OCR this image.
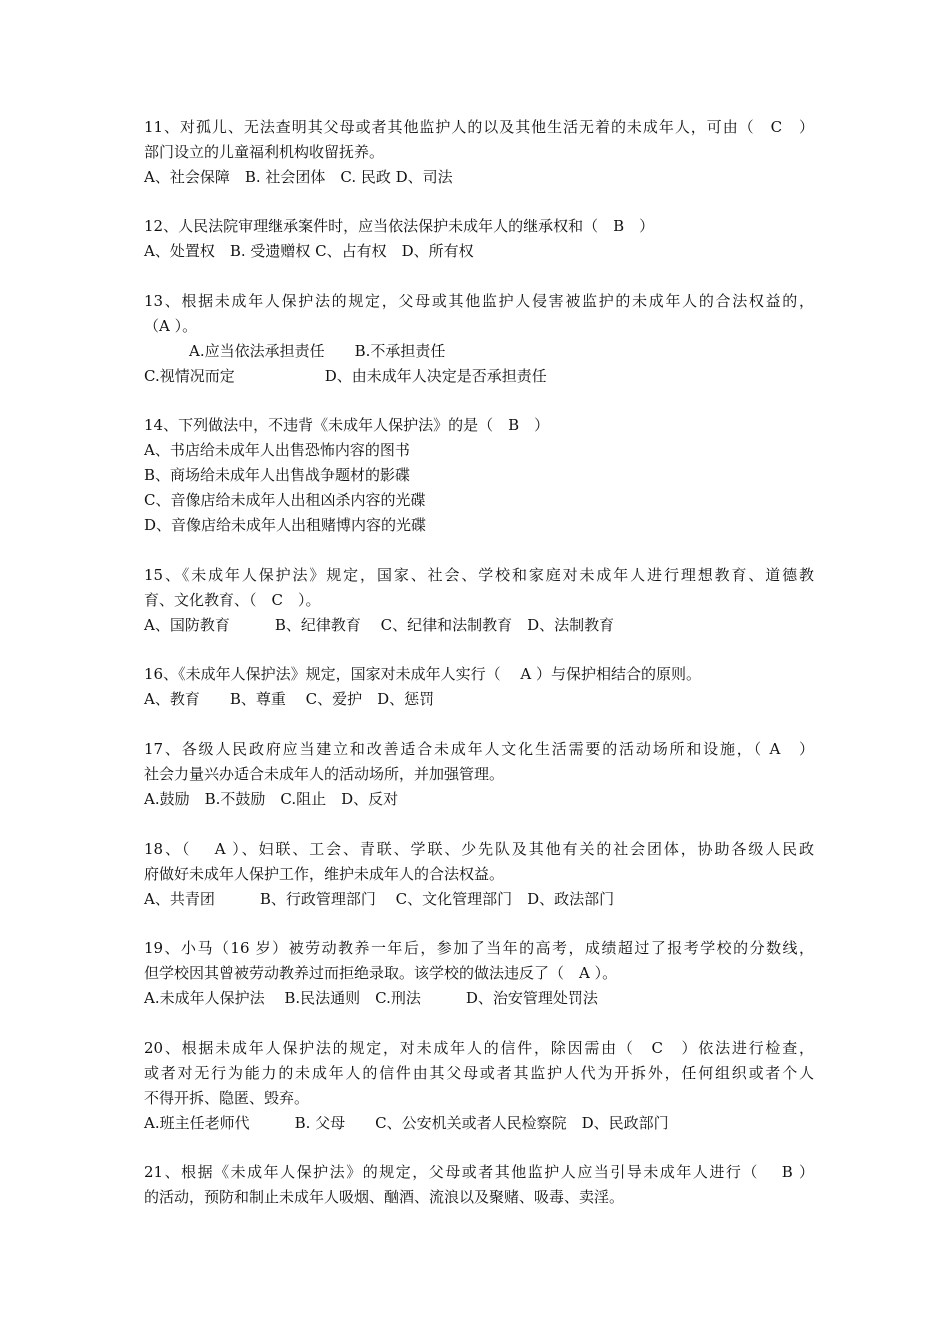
11、对孤儿、无法查明其父母或者其他监护人的以及其他生活无着的未成年人，可由（　C　）
部门设立的儿童福利机构收留抚养。
A、社会保障　B. 社会团体　C. 民政 D、司法
12、人民法院审理继承案件时，应当依法保护未成年人的继承权和（　B　）
A、处置权　B. 受遗赠权 C、占有权　D、所有权
13、根据未成年人保护法的规定，父母或其他监护人侵害被监护的未成年人的合法权益的，
（A ）。
　　　A.应当依法承担责任　　B.不承担责任
C.视情况而定　　　　　　D、由未成年人决定是否承担责任
14、下列做法中，不违背《未成年人保护法》的是（　B　）
A、书店给未成年人出售恐怖内容的图书
B、商场给未成年人出售战争题材的影碟
C、音像店给未成年人出租凶杀内容的光碟
D、音像店给未成年人出租赌博内容的光碟
15、《未成年人保护法》规定，国家、社会、学校和家庭对未成年人进行理想教育、道德教
育、文化教育、（　C　）。
A、国防教育　　　B、纪律教育　 C、纪律和法制教育　D、法制教育
16、《未成年人保护法》规定，国家对未成年人实行（　 A ）与保护相结合的原则。
A、教育　　B、尊重　 C、爱护　D、惩罚
17、各级人民政府应当建立和改善适合未成年人文化生活需要的活动场所和设施，（ A　）
社会力量兴办适合未成年人的活动场所，并加强管理。
A.鼓励　B.不鼓励　C.阻止　D、反对
18、（　 A ）、妇联、工会、青联、学联、少先队及其他有关的社会团体，协助各级人民政
府做好未成年人保护工作，维护未成年人的合法权益。
A、共青团　　　B、行政管理部门　 C、文化管理部门　D、政法部门
19、小马（16 岁）被劳动教养一年后，参加了当年的高考，成绩超过了报考学校的分数线，
但学校因其曾被劳动教养过而拒绝录取。该学校的做法违反了（　A ）。
A.未成年人保护法　 B.民法通则　C.刑法　　　D、治安管理处罚法
20、根据未成年人保护法的规定，对未成年人的信件，除因需由（　C　）依法进行检查，
或者对无行为能力的未成年人的信件由其父母或者其监护人代为开拆外，任何组织或者个人
不得开拆、隐匿、毁弃。
A.班主任老师代　　　B. 父母　　C、公安机关或者人民检察院　D、民政部门
21、根据《未成年人保护法》的规定，父母或者其他监护人应当引导未成年人进行（　 B ）
的活动，预防和制止未成年人吸烟、酗酒、流浪以及聚赌、吸毒、卖淫。
